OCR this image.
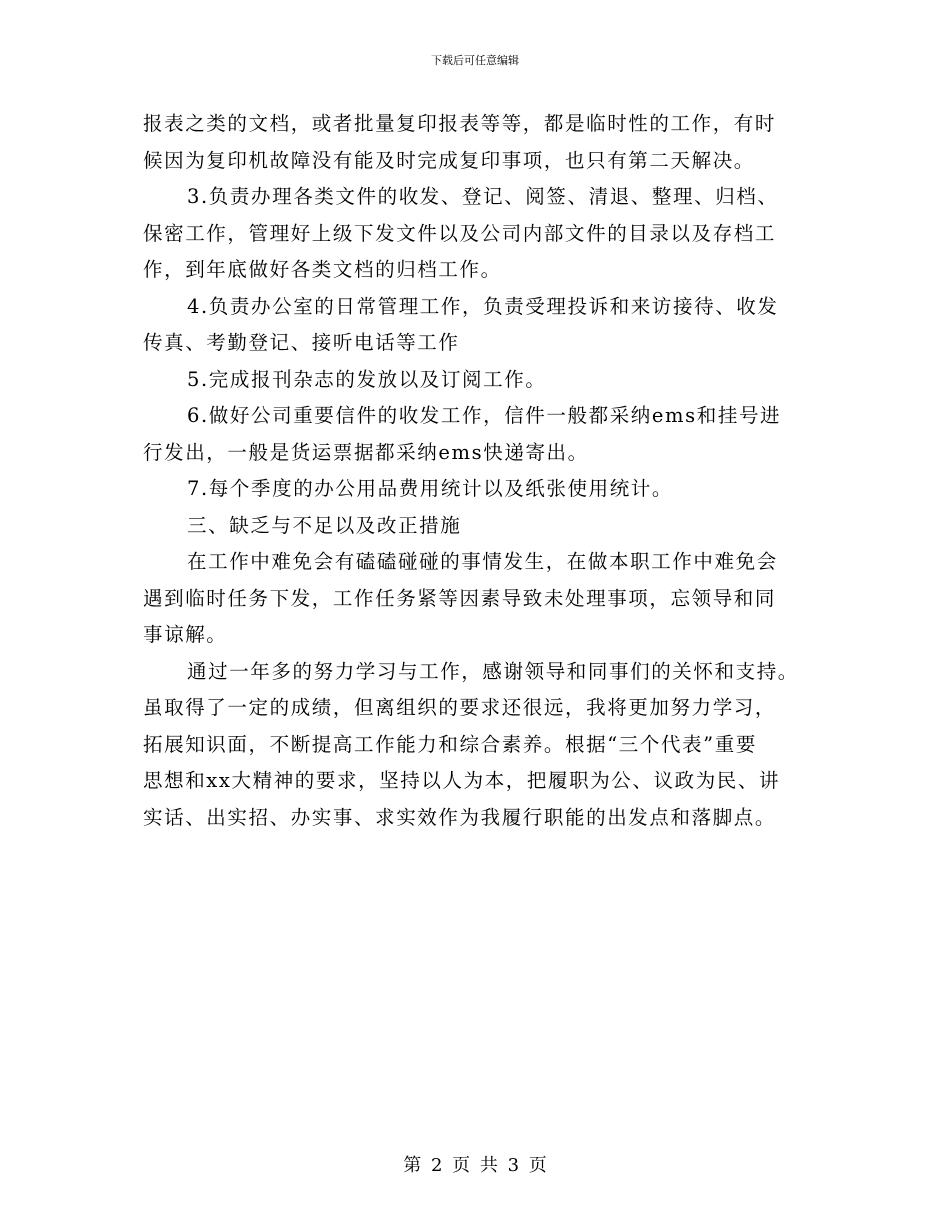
下载后可任意编辑

报表之类的文档，或者批量复印报表等等，都是临时性的工作，有时
候因为复印机故障没有能及时完成复印事项，也只有第二天解决。

3.负责办理各类文件的收发、登记、阅签、清退、整理、归档、
保密工作，管理好上级下发文件以及公司内部文件的目录以及存档工
作，到年底做好各类文档的归档工作。

4.负责办公室的日常管理工作，负责受理投诉和来访接待、收发
传真、考勤登记、接听电话等工作

5.完成报刊杂志的发放以及订阅工作。

6.做好公司重要信件的收发工作，信件一般都采纳ems和挂号进
行发出，一般是货运票据都采纳ems快递寄出。

7.每个季度的办公用品费用统计以及纸张使用统计。

三、缺乏与不足以及改正措施

在工作中难免会有磕磕碰碰的事情发生，在做本职工作中难免会
遇到临时任务下发，工作任务紧等因素导致未处理事项，忘领导和同
事谅解。

通过一年多的努力学习与工作，感谢领导和同事们的关怀和支持。
虽取得了一定的成绩，但离组织的要求还很远，我将更加努力学习，
拓展知识面，不断提高工作能力和综合素养。根据“三个代表”重要
思想和xx大精神的要求，坚持以人为本，把履职为公、议政为民、讲
实话、出实招、办实事、求实效作为我履行职能的出发点和落脚点。

第 2 页 共 3 页
